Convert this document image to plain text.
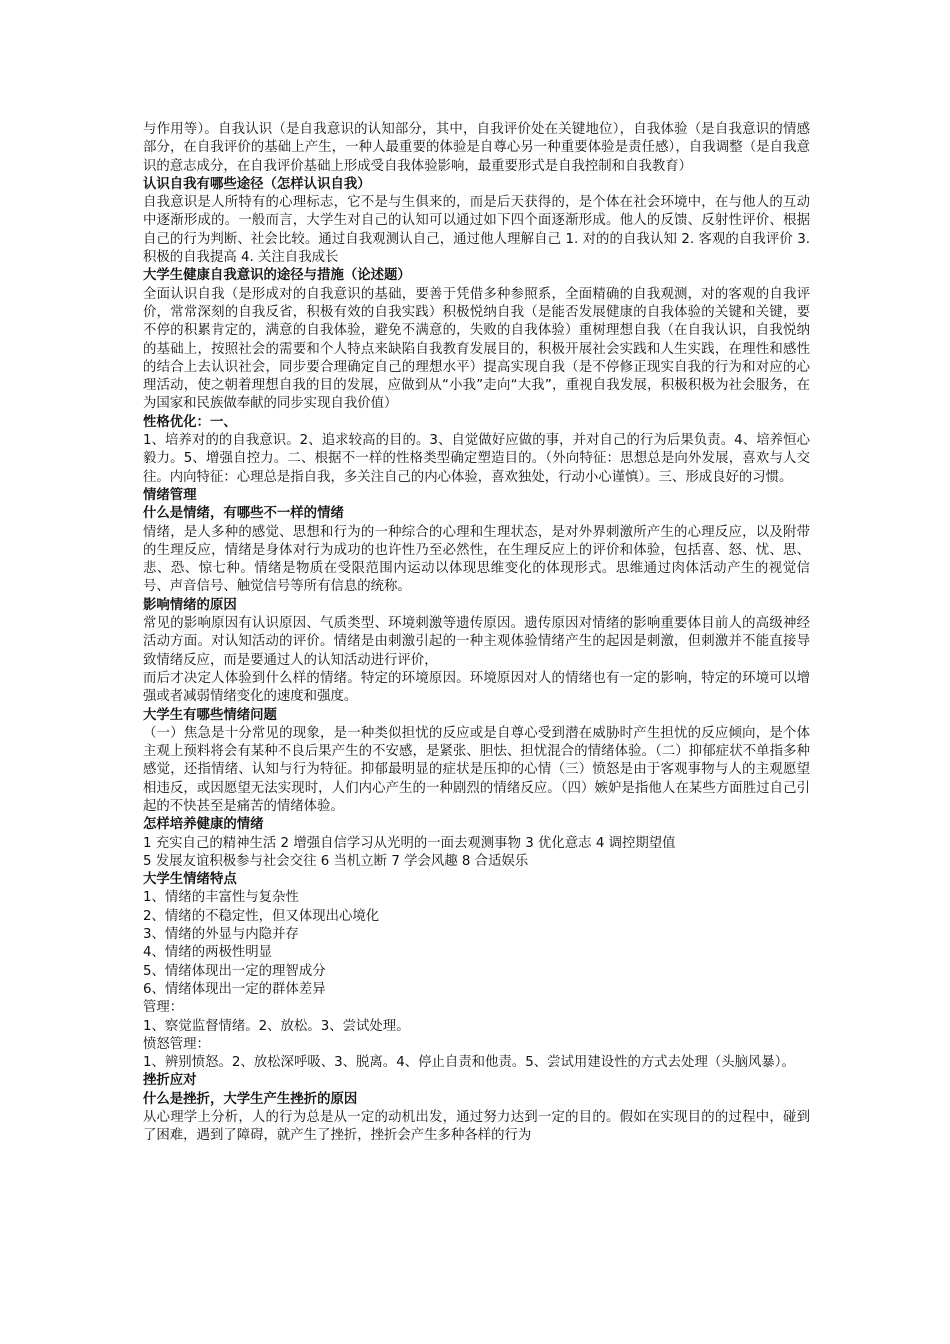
与作用等）。自我认识（是自我意识的认知部分，其中，自我评价处在关键地位），自我体验（是自我意识的情感部分，在自我评价的基础上产生，一种人最重要的体验是自尊心另一种重要体验是责任感），自我调整（是自我意识的意志成分，在自我评价基础上形成受自我体验影响，最重要形式是自我控制和自我教育）

认识自我有哪些途径（怎样认识自我）

自我意识是人所特有的心理标志，它不是与生俱来的，而是后天获得的，是个体在社会环境中，在与他人的互动中逐渐形成的。一般而言，大学生对自己的认知可以通过如下四个面逐渐形成。他人的反馈、反射性评价、根据自己的行为判断、社会比较。通过自我观测认自己，通过他人理解自己 1. 对的的自我认知 2. 客观的自我评价 3. 积极的自我提高 4. 关注自我成长

大学生健康自我意识的途径与措施（论述题）

全面认识自我（是形成对的自我意识的基础，要善于凭借多种参照系，全面精确的自我观测，对的客观的自我评价，常常深刻的自我反省，积极有效的自我实践）积极悦纳自我（是能否发展健康的自我体验的关键和关键，要不停的积累肯定的，满意的自我体验，避免不满意的，失败的自我体验）重树理想自我（在自我认识，自我悦纳的基础上，按照社会的需要和个人特点来缺陷自我教育发展目的，积极开展社会实践和人生实践，在理性和感性的结合上去认识社会，同步要合理确定自己的理想水平）提高实现自我（是不停修正现实自我的行为和对应的心理活动，使之朝着理想自我的目的发展，应做到从“小我”走向“大我”，重视自我发展，积极积极为社会服务，在为国家和民族做奉献的同步实现自我价值）

性格优化：一、

1、培养对的的自我意识。2、追求较高的目的。3、自觉做好应做的事，并对自己的行为后果负责。4、培养恒心毅力。5、增强自控力。二、根据不一样的性格类型确定塑造目的。（外向特征：思想总是向外发展，喜欢与人交往。内向特征：心理总是指自我，多关注自己的内心体验，喜欢独处，行动小心谨慎）。三、形成良好的习惯。

情绪管理

什么是情绪，有哪些不一样的情绪

情绪，是人多种的感觉、思想和行为的一种综合的心理和生理状态，是对外界刺激所产生的心理反应，以及附带的生理反应，情绪是身体对行为成功的也许性乃至必然性，在生理反应上的评价和体验，包括喜、怒、忧、思、悲、恐、惊七种。情绪是物质在受限范围内运动以体现思维变化的体现形式。思维通过肉体活动产生的视觉信号、声音信号、触觉信号等所有信息的统称。

影响情绪的原因

常见的影响原因有认识原因、气质类型、环境刺激等遗传原因。遗传原因对情绪的影响重要体目前人的高级神经活动方面。对认知活动的评价。情绪是由刺激引起的一种主观体验情绪产生的起因是刺激，但刺激并不能直接导致情绪反应，而是要通过人的认知活动进行评价，

而后才决定人体验到什么样的情绪。特定的环境原因。环境原因对人的情绪也有一定的影响，特定的环境可以增强或者减弱情绪变化的速度和强度。

大学生有哪些情绪问题

（一）焦急是十分常见的现象，是一种类似担忧的反应或是自尊心受到潜在威胁时产生担忧的反应倾向，是个体主观上预料将会有某种不良后果产生的不安感，是紧张、胆怯、担忧混合的情绪体验。（二）抑郁症状不单指多种感觉，还指情绪、认知与行为特征。抑郁最明显的症状是压抑的心情（三）愤怒是由于客观事物与人的主观愿望相违反，或因愿望无法实现时，人们内心产生的一种剧烈的情绪反应。（四）嫉妒是指他人在某些方面胜过自己引起的不快甚至是痛苦的情绪体验。

怎样培养健康的情绪

1 充实自己的精神生活 2 增强自信学习从光明的一面去观测事物 3 优化意志 4 调控期望值

5 发展友谊积极参与社会交往 6 当机立断 7 学会风趣 8 合适娱乐

大学生情绪特点

1、情绪的丰富性与复杂性

2、情绪的不稳定性，但又体现出心境化

3、情绪的外显与内隐并存

4、情绪的两极性明显

5、情绪体现出一定的理智成分

6、情绪体现出一定的群体差异

管理：

1、察觉监督情绪。2、放松。3、尝试处理。

愤怒管理：

1、辨别愤怒。2、放松深呼吸、3、脱离。4、停止自责和他责。5、尝试用建设性的方式去处理（头脑风暴）。

挫折应对

什么是挫折，大学生产生挫折的原因

从心理学上分析，人的行为总是从一定的动机出发，通过努力达到一定的目的。假如在实现目的的过程中，碰到了困难，遇到了障碍，就产生了挫折，挫折会产生多种各样的行为
